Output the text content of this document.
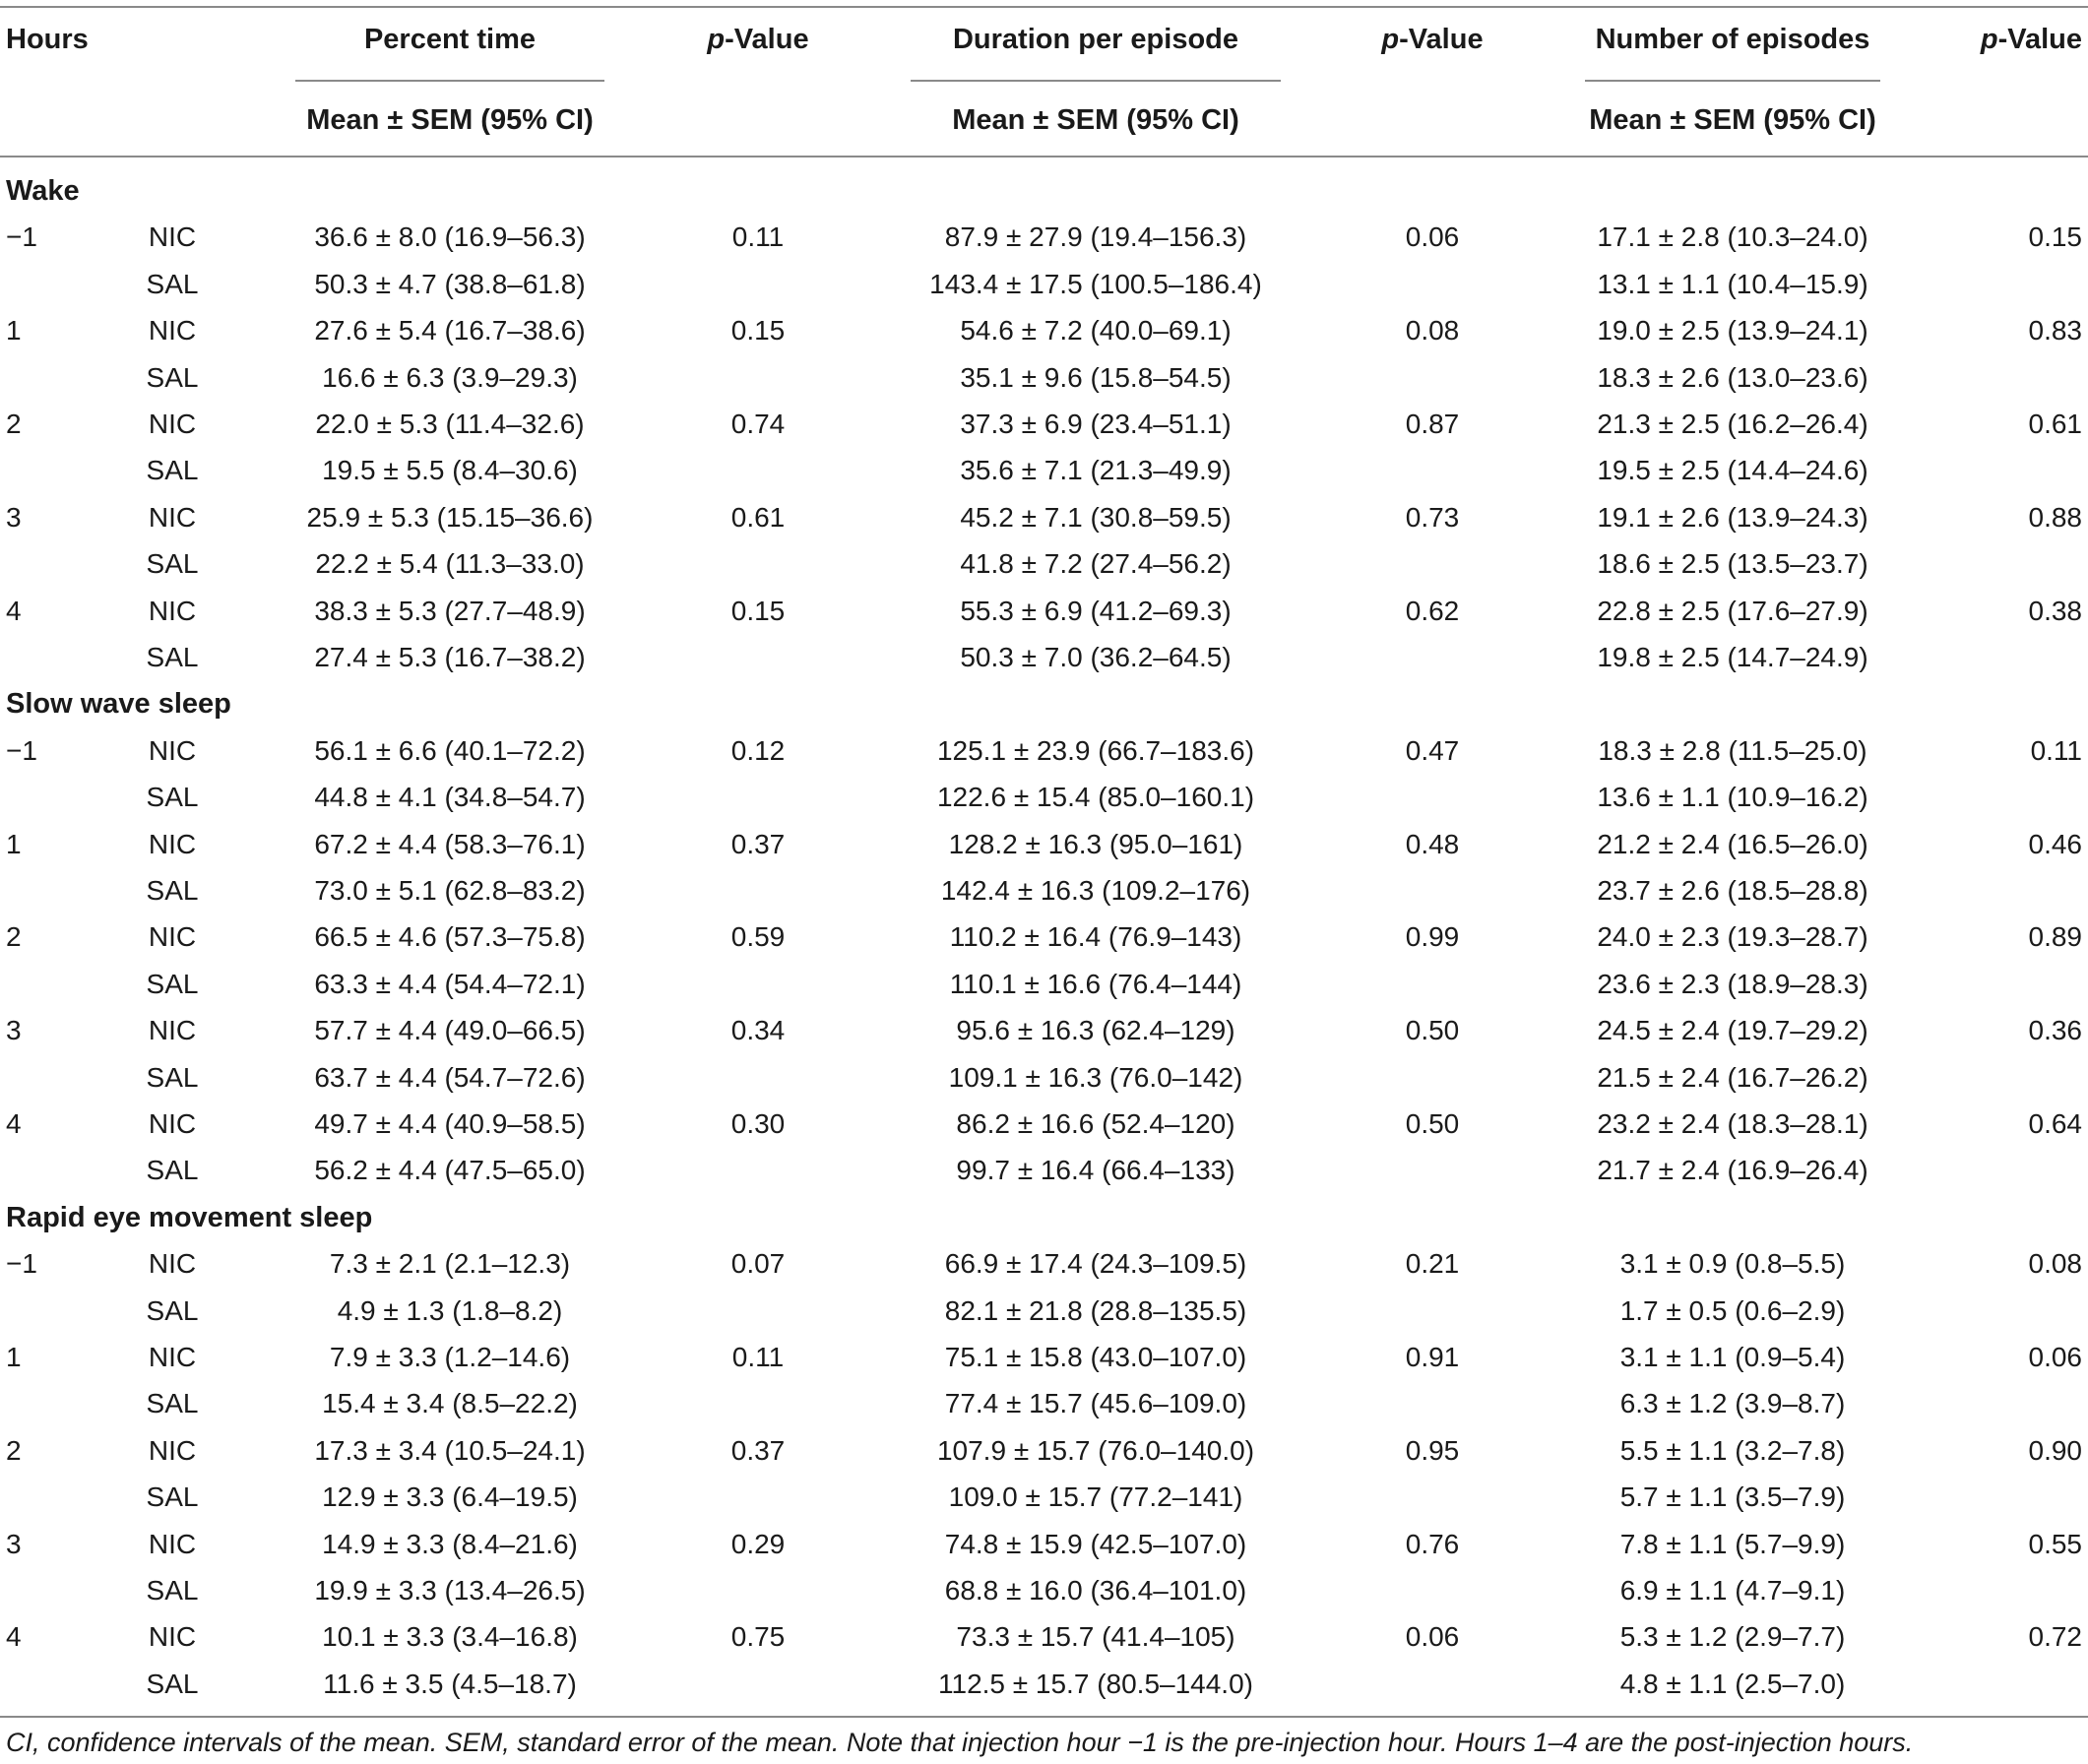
Hours	Percent time	p-Value	Duration per episode	p-Value	Number of episodes	p-Value
Mean ± SEM (95% CI)	Mean ± SEM (95% CI)	Mean ± SEM (95% CI)
Wake
−1	NIC	36.6 ± 8.0 (16.9–56.3)	0.11	87.9 ± 27.9 (19.4–156.3)	0.06	17.1 ± 2.8 (10.3–24.0)	0.15
SAL	50.3 ± 4.7 (38.8–61.8)	143.4 ± 17.5 (100.5–186.4)	13.1 ± 1.1 (10.4–15.9)
1	NIC	27.6 ± 5.4 (16.7–38.6)	0.15	54.6 ± 7.2 (40.0–69.1)	0.08	19.0 ± 2.5 (13.9–24.1)	0.83
SAL	16.6 ± 6.3 (3.9–29.3)	35.1 ± 9.6 (15.8–54.5)	18.3 ± 2.6 (13.0–23.6)
2	NIC	22.0 ± 5.3 (11.4–32.6)	0.74	37.3 ± 6.9 (23.4–51.1)	0.87	21.3 ± 2.5 (16.2–26.4)	0.61
SAL	19.5 ± 5.5 (8.4–30.6)	35.6 ± 7.1 (21.3–49.9)	19.5 ± 2.5 (14.4–24.6)
3	NIC	25.9 ± 5.3 (15.15–36.6)	0.61	45.2 ± 7.1 (30.8–59.5)	0.73	19.1 ± 2.6 (13.9–24.3)	0.88
SAL	22.2 ± 5.4 (11.3–33.0)	41.8 ± 7.2 (27.4–56.2)	18.6 ± 2.5 (13.5–23.7)
4	NIC	38.3 ± 5.3 (27.7–48.9)	0.15	55.3 ± 6.9 (41.2–69.3)	0.62	22.8 ± 2.5 (17.6–27.9)	0.38
SAL	27.4 ± 5.3 (16.7–38.2)	50.3 ± 7.0 (36.2–64.5)	19.8 ± 2.5 (14.7–24.9)
Slow wave sleep
−1	NIC	56.1 ± 6.6 (40.1–72.2)	0.12	125.1 ± 23.9 (66.7–183.6)	0.47	18.3 ± 2.8 (11.5–25.0)	0.11
SAL	44.8 ± 4.1 (34.8–54.7)	122.6 ± 15.4 (85.0–160.1)	13.6 ± 1.1 (10.9–16.2)
1	NIC	67.2 ± 4.4 (58.3–76.1)	0.37	128.2 ± 16.3 (95.0–161)	0.48	21.2 ± 2.4 (16.5–26.0)	0.46
SAL	73.0 ± 5.1 (62.8–83.2)	142.4 ± 16.3 (109.2–176)	23.7 ± 2.6 (18.5–28.8)
2	NIC	66.5 ± 4.6 (57.3–75.8)	0.59	110.2 ± 16.4 (76.9–143)	0.99	24.0 ± 2.3 (19.3–28.7)	0.89
SAL	63.3 ± 4.4 (54.4–72.1)	110.1 ± 16.6 (76.4–144)	23.6 ± 2.3 (18.9–28.3)
3	NIC	57.7 ± 4.4 (49.0–66.5)	0.34	95.6 ± 16.3 (62.4–129)	0.50	24.5 ± 2.4 (19.7–29.2)	0.36
SAL	63.7 ± 4.4 (54.7–72.6)	109.1 ± 16.3 (76.0–142)	21.5 ± 2.4 (16.7–26.2)
4	NIC	49.7 ± 4.4 (40.9–58.5)	0.30	86.2 ± 16.6 (52.4–120)	0.50	23.2 ± 2.4 (18.3–28.1)	0.64
SAL	56.2 ± 4.4 (47.5–65.0)	99.7 ± 16.4 (66.4–133)	21.7 ± 2.4 (16.9–26.4)
Rapid eye movement sleep
−1	NIC	7.3 ± 2.1 (2.1–12.3)	0.07	66.9 ± 17.4 (24.3–109.5)	0.21	3.1 ± 0.9 (0.8–5.5)	0.08
SAL	4.9 ± 1.3 (1.8–8.2)	82.1 ± 21.8 (28.8–135.5)	1.7 ± 0.5 (0.6–2.9)
1	NIC	7.9 ± 3.3 (1.2–14.6)	0.11	75.1 ± 15.8 (43.0–107.0)	0.91	3.1 ± 1.1 (0.9–5.4)	0.06
SAL	15.4 ± 3.4 (8.5–22.2)	77.4 ± 15.7 (45.6–109.0)	6.3 ± 1.2 (3.9–8.7)
2	NIC	17.3 ± 3.4 (10.5–24.1)	0.37	107.9 ± 15.7 (76.0–140.0)	0.95	5.5 ± 1.1 (3.2–7.8)	0.90
SAL	12.9 ± 3.3 (6.4–19.5)	109.0 ± 15.7 (77.2–141)	5.7 ± 1.1 (3.5–7.9)
3	NIC	14.9 ± 3.3 (8.4–21.6)	0.29	74.8 ± 15.9 (42.5–107.0)	0.76	7.8 ± 1.1 (5.7–9.9)	0.55
SAL	19.9 ± 3.3 (13.4–26.5)	68.8 ± 16.0 (36.4–101.0)	6.9 ± 1.1 (4.7–9.1)
4	NIC	10.1 ± 3.3 (3.4–16.8)	0.75	73.3 ± 15.7 (41.4–105)	0.06	5.3 ± 1.2 (2.9–7.7)	0.72
SAL	11.6 ± 3.5 (4.5–18.7)	112.5 ± 15.7 (80.5–144.0)	4.8 ± 1.1 (2.5–7.0)
CI, confidence intervals of the mean. SEM, standard error of the mean. Note that injection hour −1 is the pre-injection hour. Hours 1–4 are the post-injection hours.
